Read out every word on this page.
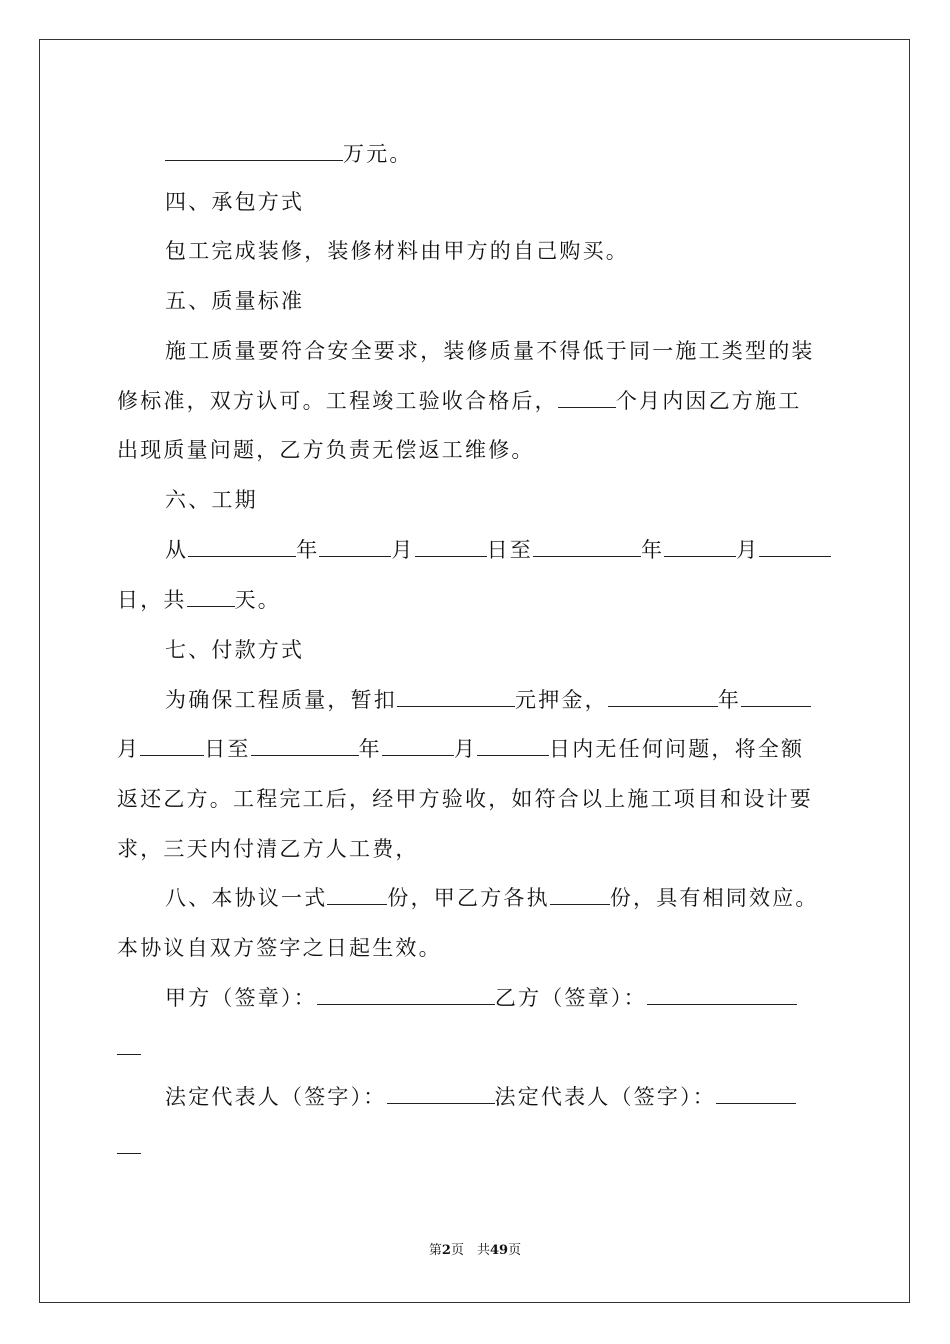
万元。
四、承包方式
包工完成装修，装修材料由甲方的自己购买。
五、质量标准
施工质量要符合安全要求，装修质量不得低于同一施工类型的装
修标准，双方认可。工程竣工验收合格后，	个月内因乙方施工
出现质量问题，乙方负责无偿返工维修。
六、工期
从	年	月	日至	年	月
日，共 天。
七、付款方式
为确保工程质量，暂扣	元押金，	年
月	日至	年	月	日内无任何问题，将全额
返还乙方。工程完工后，经甲方验收，如符合以上施工项目和设计要
求，三天内付清乙方人工费，
八、本协议一式	份，甲乙方各执	份，具有相同效应。
本协议自双方签字之日起生效。
甲方（签章）：	乙方（签章）：
法定代表人（签字）：	法定代表人（签字）：
第2页　共49页
